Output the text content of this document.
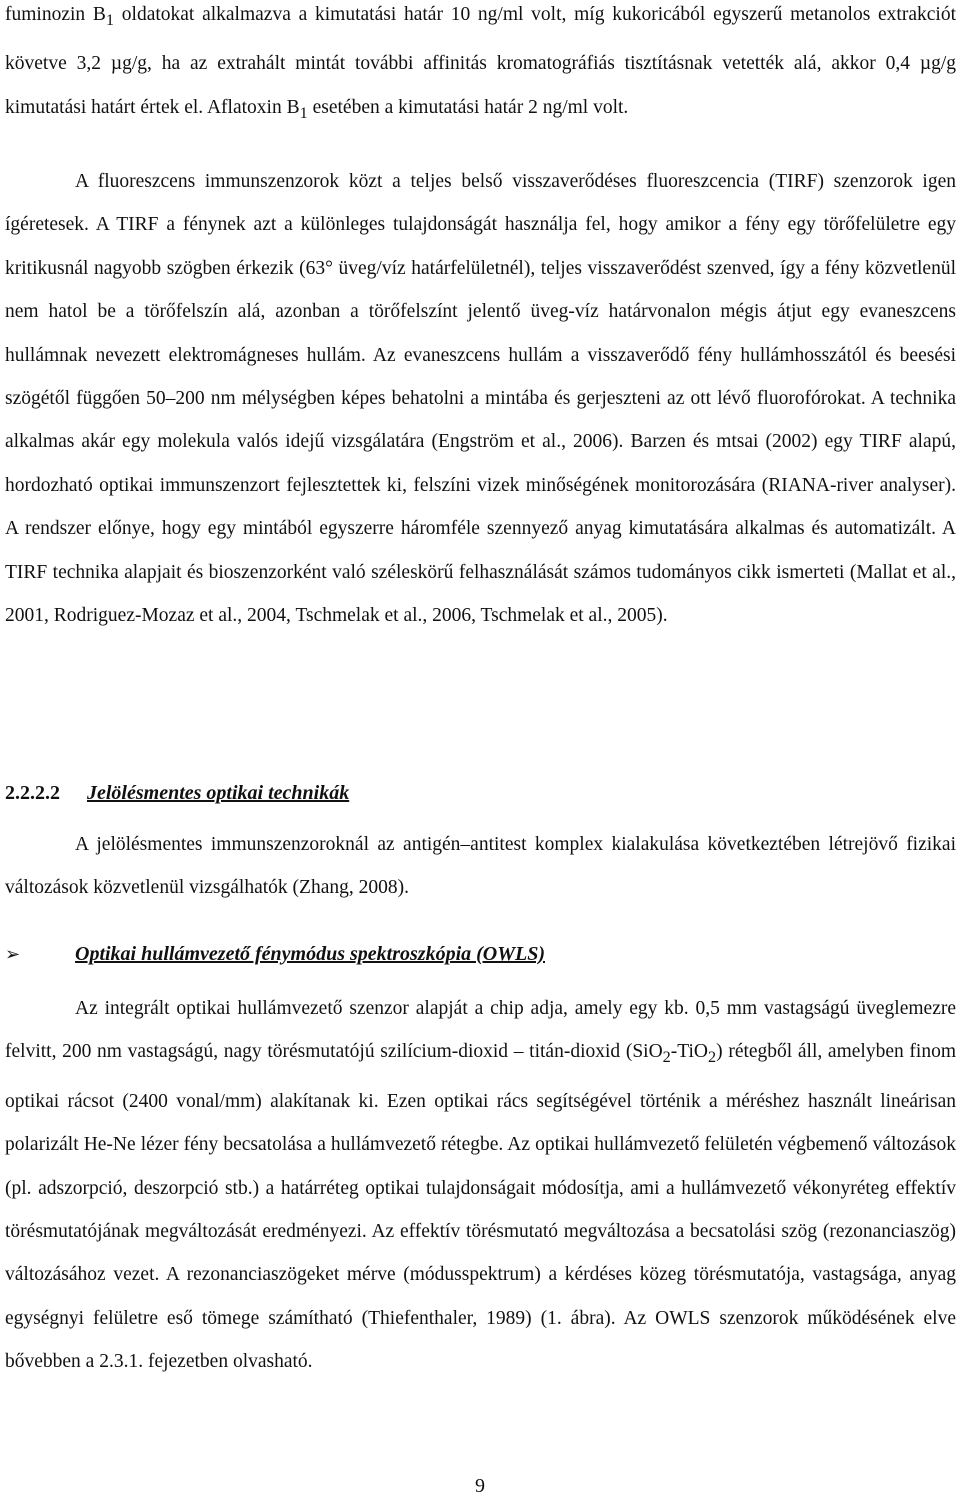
fuminozin $B_1$ oldatokat alkalmazva a kimutatási határ 10 ng/ml volt, míg kukoricából egyszerű metanolos extrakciót követve 3,2 µg/g, ha az extrahált mintát további affinitás kromatográfiás tisztításnak vetették alá, akkor 0,4 µg/g kimutatási határt értek el. Aflatoxin $B_1$ esetében a kimutatási határ 2 ng/ml volt.

A fluoreszcens immunszenzorok közt a teljes belső visszaverődéses fluoreszcencia (TIRF) szenzorok igen ígéretesek. A TIRF a fénynek azt a különleges tulajdonságát használja fel, hogy amikor a fény egy törőfelületre egy kritikusnál nagyobb szögben érkezik (63° üveg/víz határfelületnél), teljes visszaverődést szenved, így a fény közvetlenül nem hatol be a törőfelszín alá, azonban a törőfelszínt jelentő üveg-víz határvonalon mégis átjut egy evaneszcens hullámnak nevezett elektromágneses hullám. Az evaneszcens hullám a visszaverődő fény hullámhosszától és beesési szögétől függően 50–200 nm mélységben képes behatolni a mintába és gerjeszteni az ott lévő fluorofórokat. A technika alkalmas akár egy molekula valós idejű vizsgálatára (Engström et al., 2006). Barzen és mtsai (2002) egy TIRF alapú, hordozható optikai immunszenzort fejlesztettek ki, felszíni vizek minőségének monitorozására (RIANA-river analyser). A rendszer előnye, hogy egy mintából egyszerre háromféle szennyező anyag kimutatására alkalmas és automatizált. A TIRF technika alapjait és bioszenzorként való széleskörű felhasználását számos tudományos cikk ismerteti (Mallat et al., 2001, Rodriguez-Mozaz et al., 2004, Tschmelak et al., 2006, Tschmelak et al., 2005).

2.2.2.2 Jelölésmentes optikai technikák

A jelölésmentes immunszenzoroknál az antigén–antitest komplex kialakulása következtében létrejövő fizikai változások közvetlenül vizsgálhatók (Zhang, 2008).

➢	Optikai hullámvezető fénymódus spektroszkópia (OWLS)

Az integrált optikai hullámvezető szenzor alapját a chip adja, amely egy kb. 0,5 mm vastagságú üveglemezre felvitt, 200 nm vastagságú, nagy törésmutatójú szilícium-dioxid – titán-dioxid (SiO$_2$-TiO$_2$) rétegből áll, amelyben finom optikai rácsot (2400 vonal/mm) alakítanak ki. Ezen optikai rács segítségével történik a méréshez használt lineárisan polarizált He-Ne lézer fény becsatolása a hullámvezető rétegbe. Az optikai hullámvezető felületén végbemenő változások (pl. adszorpció, deszorpció stb.) a határréteg optikai tulajdonságait módosítja, ami a hullámvezető vékonyréteg effektív törésmutatójának megváltozását eredményezi. Az effektív törésmutató megváltozása a becsatolási szög (rezonanciaszög) változásához vezet. A rezonanciaszögeket mérve (módusspektrum) a kérdéses közeg törésmutatója, vastagsága, anyag egységnyi felületre eső tömege számítható (Thiefenthaler, 1989) (1. ábra). Az OWLS szenzorok működésének elve bővebben a 2.3.1. fejezetben olvasható.

9
